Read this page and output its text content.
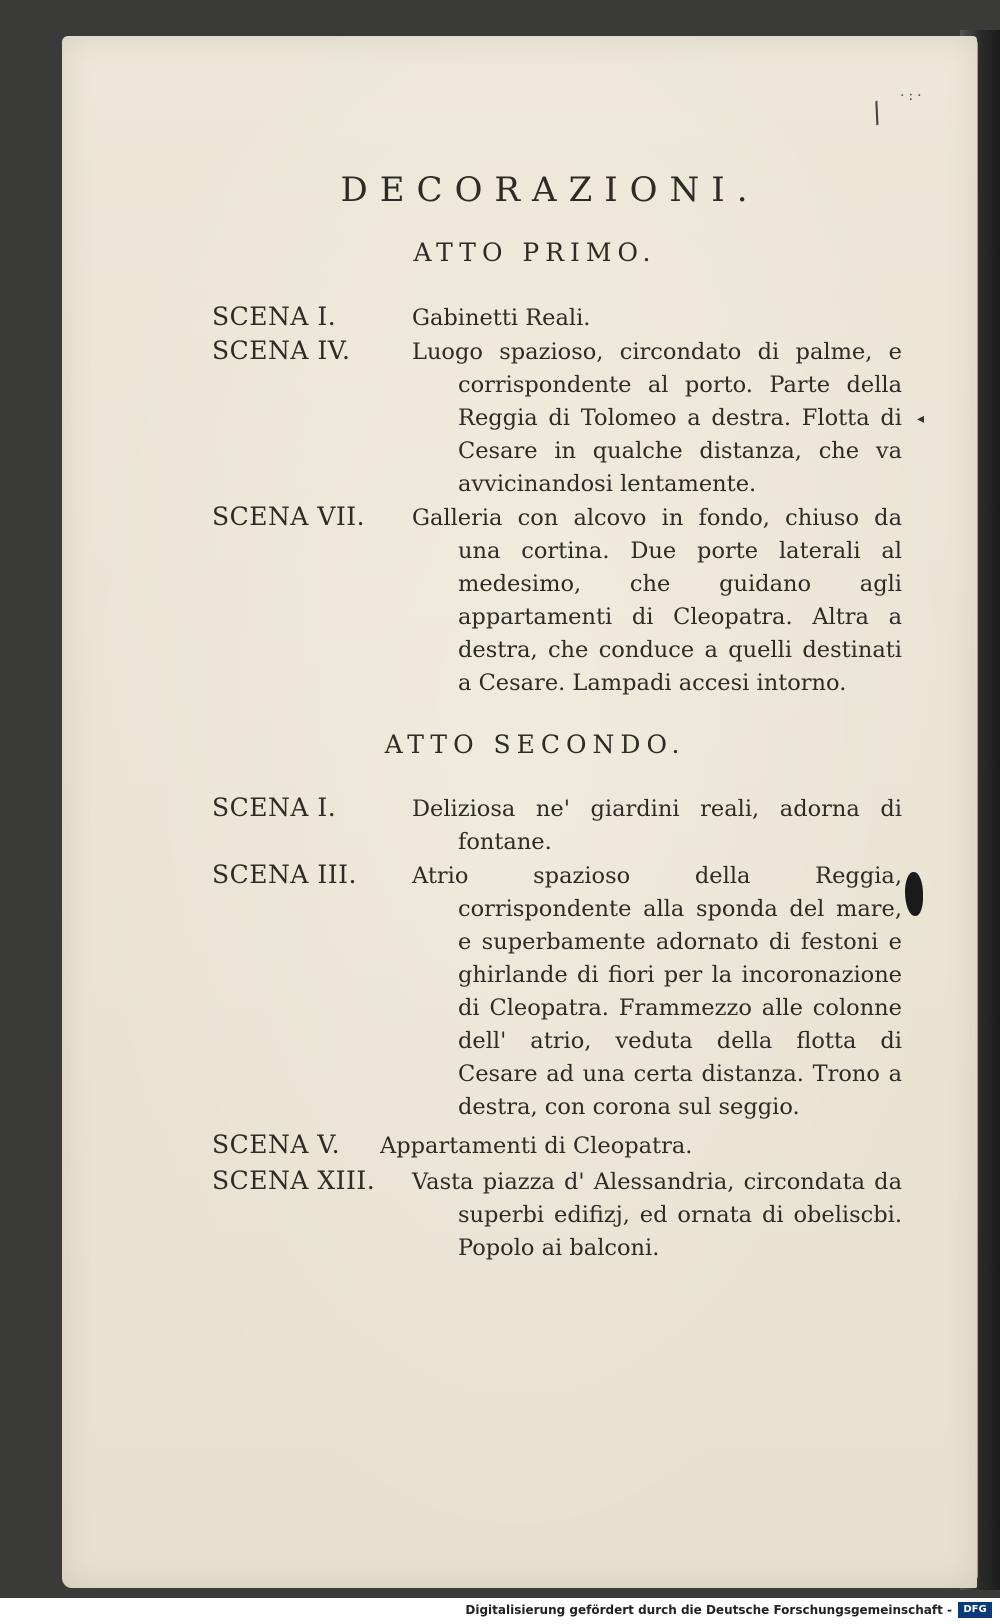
/ ·:·
◂
DECORAZIONI.
ATTO PRIMO.
SCENA I.	Gabinetti Reali.
SCENA IV.	Luogo spazioso, circondato di palme, e corrispondente al porto. Parte della Reggia di Tolomeo a destra. Flotta di Cesare in qualche distanza, che va avvicinandosi lentamente.
SCENA VII. Galleria con alcovo in fondo, chiuso da una cortina. Due porte laterali al medesimo, che guidano agli appartamenti di Cleopatra. Altra a destra, che conduce a quelli destinati a Cesare. Lampadi accesi intorno.
ATTO SECONDO.
SCENA I.	Deliziosa ne' giardini reali, adorna di fontane.
SCENA III. Atrio spazioso della Reggia, corrispondente alla sponda del mare, e superbamente adornato di festoni e ghirlande di fiori per la incoronazione di Cleopatra. Frammezzo alle colonne dell' atrio, veduta della flotta di Cesare ad una certa distanza. Trono a destra, con corona sul seggio.
SCENA V. Appartamenti di Cleopatra.
SCENA XIII. Vasta piazza d' Alessandria, circondata da superbi edifizj, ed ornata di obeliscbi. Popolo ai balconi.
Digitalisierung gefördert durch die Deutsche Forschungsgemeinschaft -	DFG
